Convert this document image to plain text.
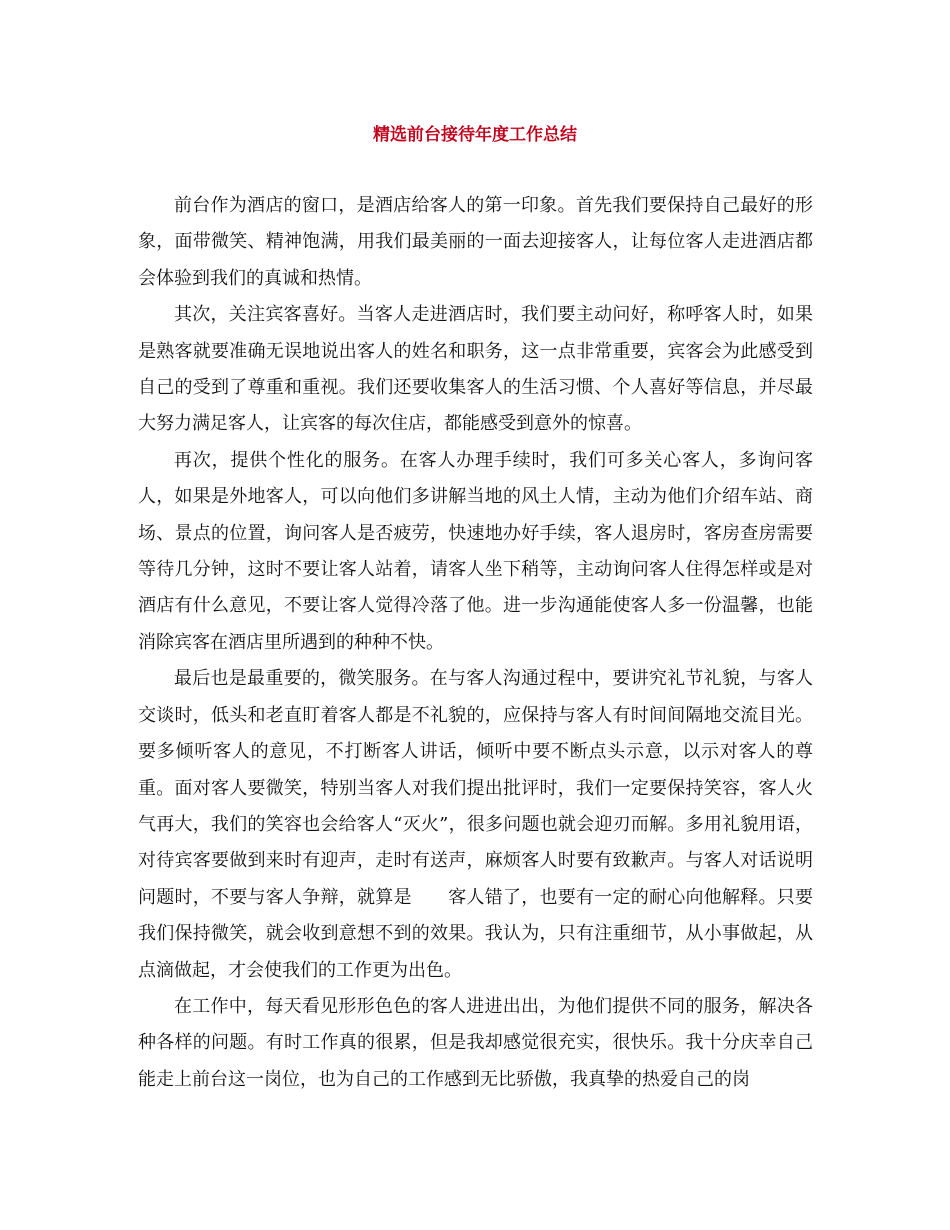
精选前台接待年度工作总结

前台作为酒店的窗口，是酒店给客人的第一印象。首先我们要保持自己最好的形象，面带微笑、精神饱满，用我们最美丽的一面去迎接客人，让每位客人走进酒店都会体验到我们的真诚和热情。

其次，关注宾客喜好。当客人走进酒店时，我们要主动问好，称呼客人时，如果是熟客就要准确无误地说出客人的姓名和职务，这一点非常重要，宾客会为此感受到自己的受到了尊重和重视。我们还要收集客人的生活习惯、个人喜好等信息，并尽最大努力满足客人，让宾客的每次住店，都能感受到意外的惊喜。

再次，提供个性化的服务。在客人办理手续时，我们可多关心客人，多询问客人，如果是外地客人，可以向他们多讲解当地的风土人情，主动为他们介绍车站、商场、景点的位置，询问客人是否疲劳，快速地办好手续，客人退房时，客房查房需要等待几分钟，这时不要让客人站着，请客人坐下稍等，主动询问客人住得怎样或是对酒店有什么意见，不要让客人觉得冷落了他。进一步沟通能使客人多一份温馨，也能消除宾客在酒店里所遇到的种种不快。

最后也是最重要的，微笑服务。在与客人沟通过程中，要讲究礼节礼貌，与客人交谈时，低头和老直盯着客人都是不礼貌的，应保持与客人有时间间隔地交流目光。要多倾听客人的意见，不打断客人讲话，倾听中要不断点头示意，以示对客人的尊重。面对客人要微笑，特别当客人对我们提出批评时，我们一定要保持笑容，客人火气再大，我们的笑容也会给客人“灭火”，很多问题也就会迎刃而解。多用礼貌用语，对待宾客要做到来时有迎声，走时有送声，麻烦客人时要有致歉声。与客人对话说明问题时，不要与客人争辩，就算是　　客人错了，也要有一定的耐心向他解释。只要我们保持微笑，就会收到意想不到的效果。我认为，只有注重细节，从小事做起，从点滴做起，才会使我们的工作更为出色。

在工作中，每天看见形形色色的客人进进出出，为他们提供不同的服务，解决各种各样的问题。有时工作真的很累，但是我却感觉很充实，很快乐。我十分庆幸自己能走上前台这一岗位，也为自己的工作感到无比骄傲，我真挚的热爱自己的岗
